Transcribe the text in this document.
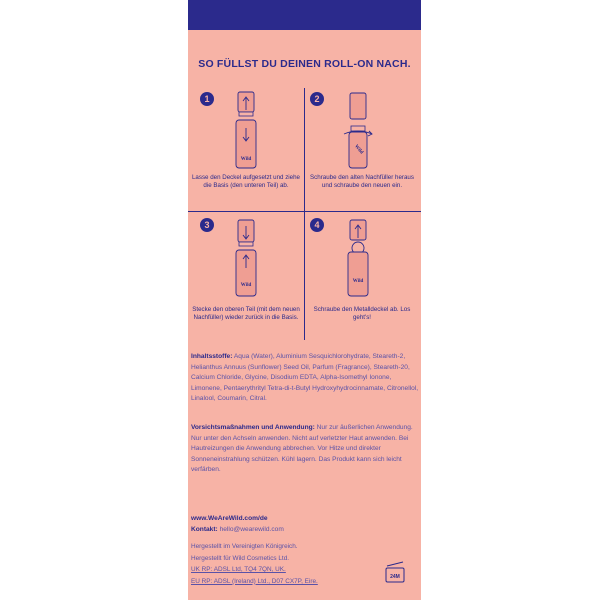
SO FÜLLST DU DEINEN ROLL-ON NACH.
1
Wild
Lasse den Deckel aufgesetzt und ziehe die Basis (den unteren Teil) ab.
2
Wild
Schraube den alten Nachfüller heraus und schraube den neuen ein.
3
Wild
Stecke den oberen Teil (mit dem neuen Nachfüller) wieder zurück in die Basis.
4
Wild
Schraube den Metalldeckel ab. Los geht's!
Inhaltsstoffe: Aqua (Water), Aluminium Sesquichlorohydrate, Steareth-2, Helianthus Annuus (Sunflower) Seed Oil, Parfum (Fragrance), Steareth-20, Calcium Chloride, Glycine, Disodium EDTA, Alpha-Isomethyl Ionone, Limonene, Pentaerythrityl Tetra-di-t-Butyl Hydroxyhydrocinnamate, Citronellol, Linalool, Coumarin, Citral.
Vorsichtsmaßnahmen und Anwendung: Nur zur äußerlichen Anwendung. Nur unter den Achseln anwenden. Nicht auf verletzter Haut anwenden. Bei Hautreizungen die Anwendung abbrechen. Vor Hitze und direkter Sonneneinstrahlung schützen. Kühl lagern. Das Produkt kann sich leicht verfärben.
www.WeAreWild.com/de
Kontakt: hello@wearewild.com
Hergestellt im Vereinigten Königreich.
Hergestellt für Wild Cosmetics Ltd.
UK RP: ADSL Ltd, TQ4 7QN, UK.
EU RP: ADSL (Ireland) Ltd., D07 CX7P, Eire.
24M
